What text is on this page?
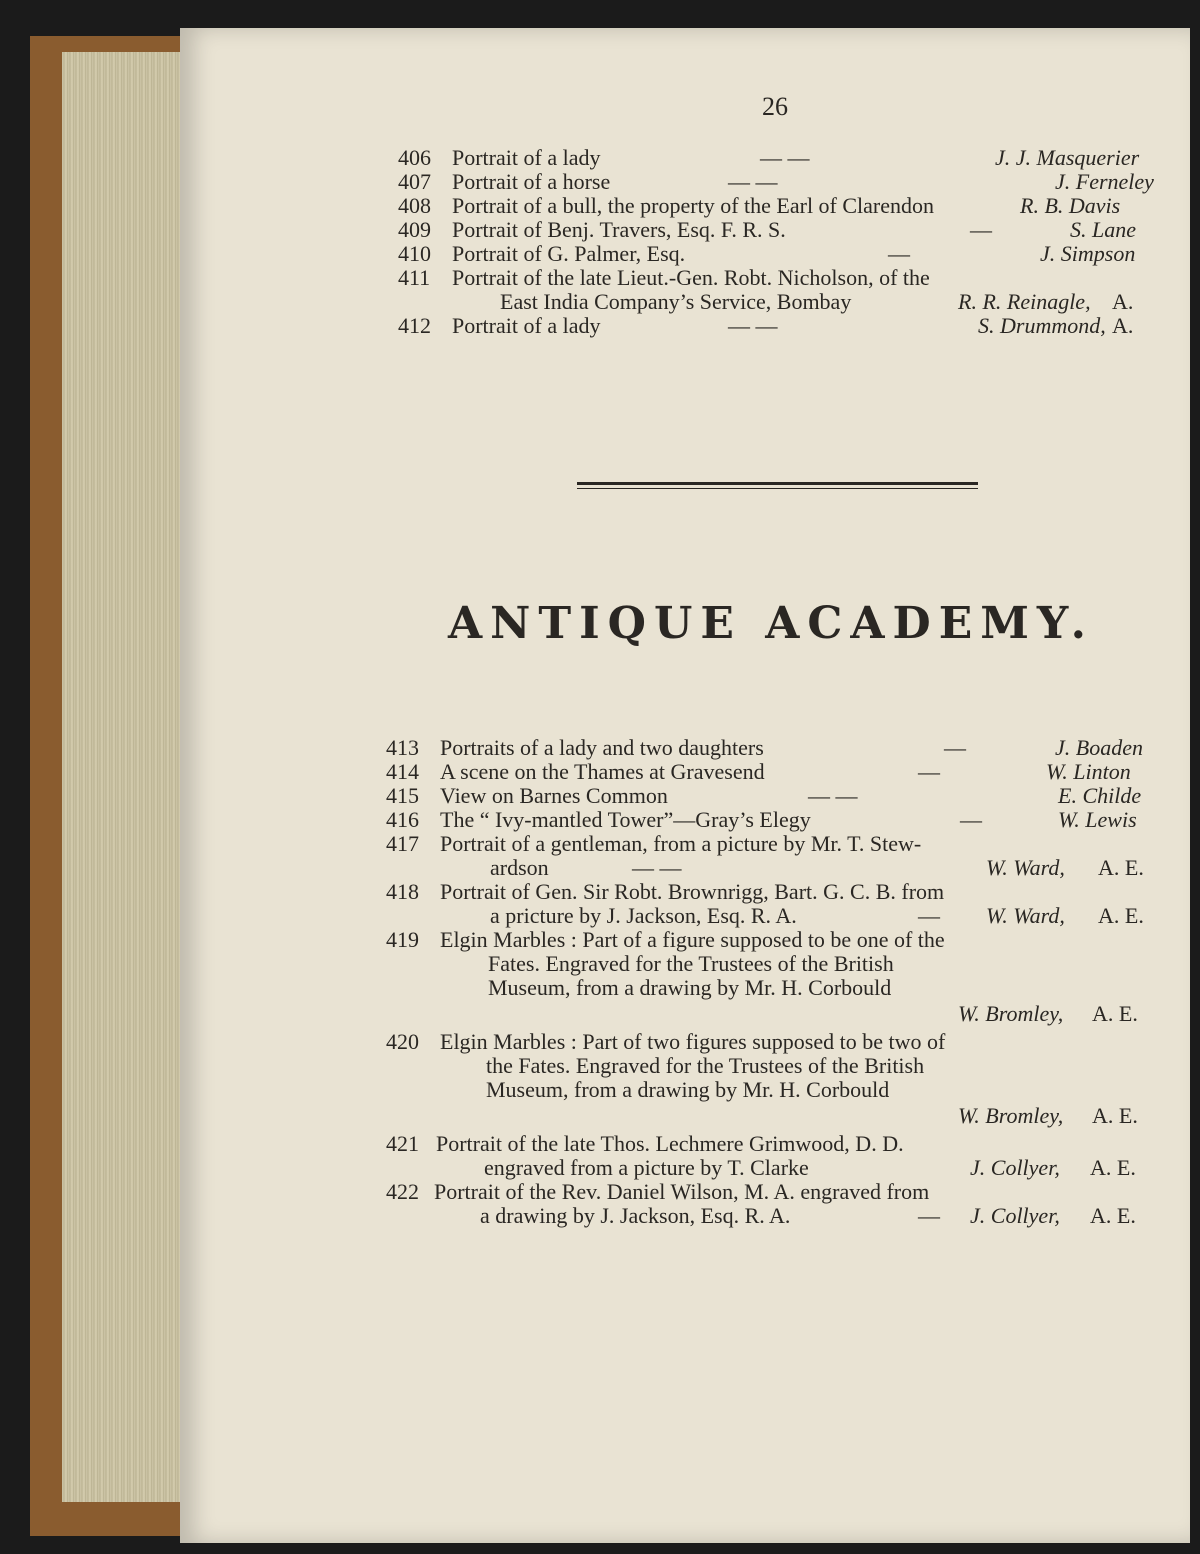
26
406 Portrait of a lady	— —	J. J. Masquerier
407 Portrait of a horse	— —	J. Ferneley
408 Portrait of a bull, the property of the Earl of Clarendon	R. B. Davis
409 Portrait of Benj. Travers, Esq. F. R. S.	—	S. Lane
410 Portrait of G. Palmer, Esq.	—	J. Simpson
411 Portrait of the late Lieut.-Gen. Robt. Nicholson, of the
East India Company’s Service, Bombay	R. R. Reinagle, A.
412 Portrait of a lady	— —	S. Drummond, A.
ANTIQUE ACADEMY.
413 Portraits of a lady and two daughters	—	J. Boaden
414 A scene on the Thames at Gravesend	—	W. Linton
415 View on Barnes Common	— —	E. Childe
416 The “ Ivy-mantled Tower”—Gray’s Elegy	—	W. Lewis
417 Portrait of a gentleman, from a picture by Mr. T. Stew-
ardson	— —	W. Ward, A. E.
418 Portrait of Gen. Sir Robt. Brownrigg, Bart. G. C. B. from
a pricture by J. Jackson, Esq. R. A.	— W. Ward, A. E.
419 Elgin Marbles : Part of a figure supposed to be one of the
Fates. Engraved for the Trustees of the British
Museum, from a drawing by Mr. H. Corbould
W. Bromley, A. E.
420 Elgin Marbles : Part of two figures supposed to be two of
the Fates. Engraved for the Trustees of the British
Museum, from a drawing by Mr. H. Corbould
W. Bromley, A. E.
421 Portrait of the late Thos. Lechmere Grimwood, D. D.
engraved from a picture by T. Clarke	J. Collyer, A. E.
422 Portrait of the Rev. Daniel Wilson, M. A. engraved from
a drawing by J. Jackson, Esq. R. A.	— J. Collyer, A. E.
